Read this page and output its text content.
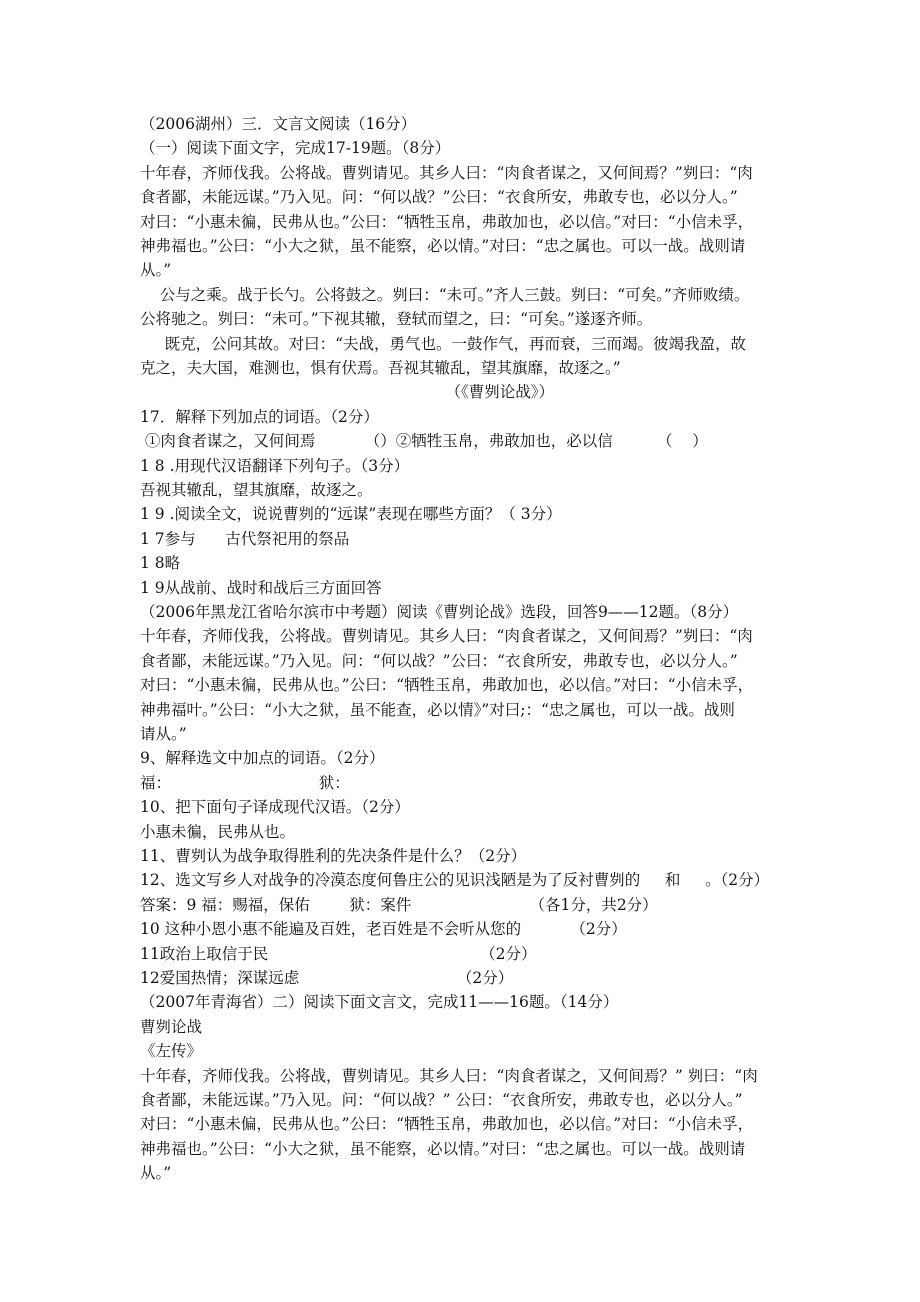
（2006湖州）三．文言文阅读（16分）
（一）阅读下面文字，完成17-19题。（8分）
十年春，齐师伐我。公将战。曹刿请见。其乡人曰：“肉食者谋之，又何间焉？”刿曰：“肉
食者鄙，未能远谋。”乃入见。问：“何以战？”公曰：“衣食所安，弗敢专也，必以分人。”
对曰：“小惠未徧，民弗从也。”公曰：“牺牲玉帛，弗敢加也，必以信。”对曰：“小信未孚，
神弗福也。”公曰：“小大之狱，虽不能察，必以情。”对曰：“忠之属也。可以一战。战则请
从。”
公与之乘。战于长勺。公将鼓之。刿曰：“未可。”齐人三鼓。刿曰：“可矣。”齐师败绩。
公将驰之。刿曰：“未可。”下视其辙，登轼而望之，曰：“可矣。”遂逐齐师。
既克，公问其故。对曰：“夫战，勇气也。一鼓作气，再而衰，三而竭。彼竭我盈，故
克之，夫大国，难测也，惧有伏焉。吾视其辙乱，望其旗靡，故逐之。”
（《曹刿论战》）
17．解释下列加点的词语。（2分）
①肉食者谋之，又何间焉          （）②牺牲玉帛，弗敢加也，必以信         （    ）
1 8 .用现代汉语翻译下列句子。（3分）
吾视其辙乱，望其旗靡，故逐之。
1 9 .阅读全文，说说曹刿的“远谋”表现在哪些方面？（ 3分）
1 7参与      古代祭祀用的祭品
1 8略
1 9从战前、战时和战后三方面回答
（2006年黑龙江省哈尔滨市中考题）阅读《曹刿论战》选段，回答9——12题。（8分）
十年春，齐师伐我，公将战。曹刿请见。其乡人曰：“肉食者谋之，又何间焉？”刿曰：“肉
食者鄙，未能远谋。”乃入见。问：“何以战？”公曰：“衣食所安，弗敢专也，必以分人。”
对曰：“小惠未徧，民弗从也。”公曰：“牺牲玉帛，弗敢加也，必以信。”对曰：“小信未孚，
神弗福叶。”公曰：“小大之狱，虽不能查，必以情》”对曰;：“忠之属也，可以一战。战则
请从。”
9、解释选文中加点的词语。（2分）
福：                              狱：
10、把下面句子译成现代汉语。（2分）
小惠未徧，民弗从也。
11、曹刿认为战争取得胜利的先决条件是什么？（2分）
12、选文写乡人对战争的冷漠态度何鲁庄公的见识浅陋是为了反衬曹刿的     和     。（2分）
答案：9 福：赐福，保佑        狱：案件                        （各1分，共2分）
10 这种小恩小惠不能遍及百姓，老百姓是不会听从您的          （2分）
11政治上取信于民                                           （2分）
12爱国热情；深谋远虑                                （2分）
（2007年青海省）二）阅读下面文言文，完成11——16题。（14分）
曹刿论战
《左传》
十年春，齐师伐我。公将战，曹刿请见。其乡人曰：“肉食者谋之，又何间焉？” 刿曰：“肉
食者鄙，未能远谋。”乃入见。问：“何以战？” 公曰：“衣食所安，弗敢专也，必以分人。”
对曰：“小惠未偏，民弗从也。”公曰：“牺牲玉帛，弗敢加也，必以信。”对曰：“小信未孚，
神弗福也。”公曰：“小大之狱，虽不能察，必以情。”对曰：“忠之属也。可以一战。战则请
从。”
